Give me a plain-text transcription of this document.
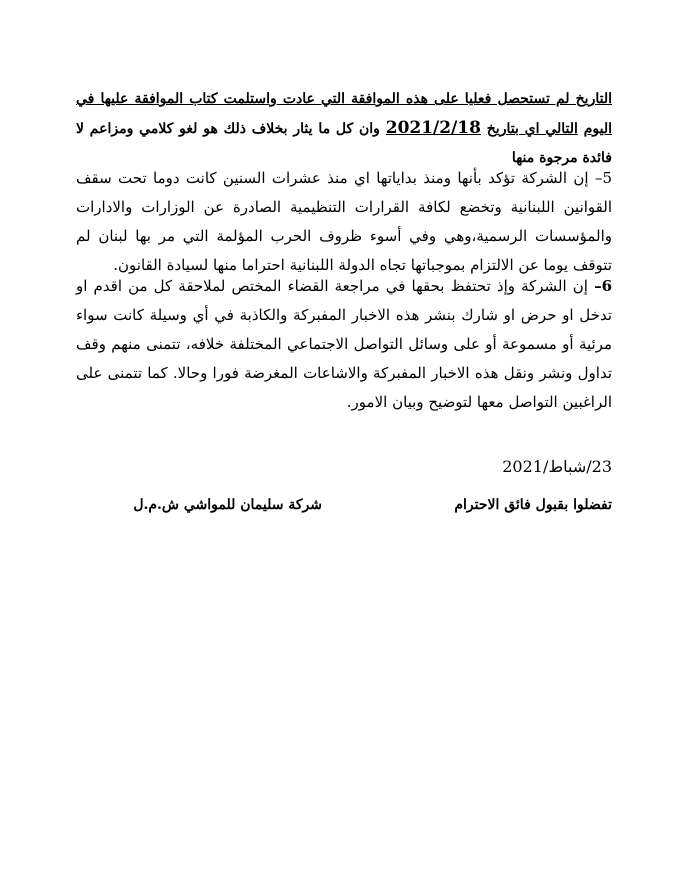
التاريخ لم تستحصل فعليا على هذه الموافقة التي عادت واستلمت كتاب الموافقة عليها في اليوم التالي اي بتاريخ 2021/2/18 وان كل ما يثار بخلاف ذلك هو لغو كلامي ومزاعم لا فائدة مرجوة منها
5– إن الشركة تؤكد بأنها ومنذ بداياتها اي منذ عشرات السنين كانت دوما تحت سقف القوانين اللبنانية وتخضع لكافة القرارات التنظيمية الصادرة عن الوزارات والادارات والمؤسسات الرسمية،وهي وفي أسوء ظروف الحرب المؤلمة التي مر بها لبنان لم تتوقف يوما عن الالتزام بموجباتها تجاه الدولة اللبنانية احتراما منها لسيادة القانون.
6– إن الشركة وإذ تحتفظ بحقها في مراجعة القضاء المختص لملاحقة كل من اقدم او تدخل او حرض او شارك بنشر هذه الاخبار المفبركة والكاذبة في أي وسيلة كانت سواء مرئية أو مسموعة أو على وسائل التواصل الاجتماعي المختلفة خلافه، تتمنى منهم وقف تداول ونشر ونقل هذه الاخبار المفبركة والاشاعات المغرضة فورا وحالا. كما تتمنى على الراغبين التواصل معها لتوضيح وبيان الامور.
23/شباط/2021
تفضلوا بقبول فائق الاحترام
شركة سليمان للمواشي ش.م.ل
